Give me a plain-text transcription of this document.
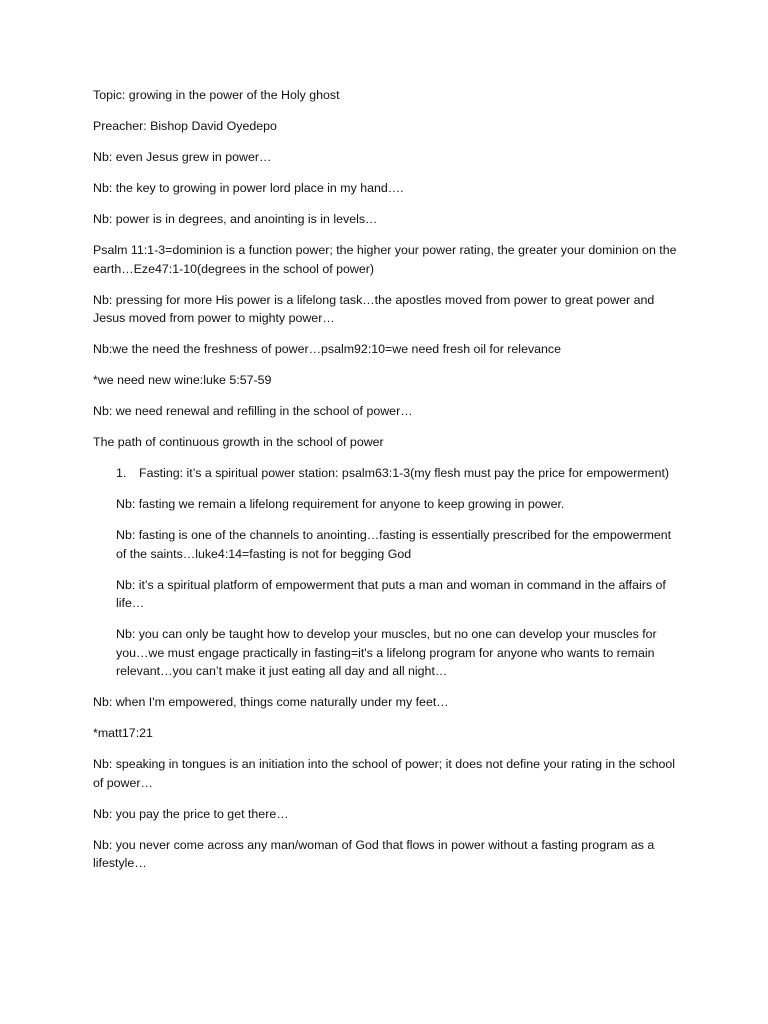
Topic: growing in the power of the Holy ghost

Preacher: Bishop David Oyedepo

Nb: even Jesus grew in power…

Nb: the key to growing in power lord place in my hand….

Nb: power is in degrees, and anointing is in levels…

Psalm 11:1-3=dominion is a function power; the higher your power rating, the greater your dominion on the earth…Eze47:1-10(degrees in the school of power)

Nb: pressing for more His power is a lifelong task…the apostles moved from power to great power and Jesus moved from power to mighty power…

Nb:we the need the freshness of power…psalm92:10=we need fresh oil for relevance

*we need new wine:luke 5:57-59

Nb: we need renewal and refilling in the school of power…

The path of continuous growth in the school of power

1. Fasting: it’s a spiritual power station: psalm63:1-3(my flesh must pay the price for empowerment)

Nb: fasting we remain a lifelong requirement for anyone to keep growing in power.

Nb: fasting is one of the channels to anointing…fasting is essentially prescribed for the empowerment of the saints…luke4:14=fasting is not for begging God

Nb: it’s a spiritual platform of empowerment that puts a man and woman in command in the affairs of life…

Nb: you can only be taught how to develop your muscles, but no one can develop your muscles for you…we must engage practically in fasting=it's a lifelong program for anyone who wants to remain relevant…you can’t make it just eating all day and all night…

Nb: when I'm empowered, things come naturally under my feet…

*matt17:21

Nb: speaking in tongues is an initiation into the school of power; it does not define your rating in the school of power…

Nb: you pay the price to get there…

Nb: you never come across any man/woman of God that flows in power without a fasting program as a lifestyle…
